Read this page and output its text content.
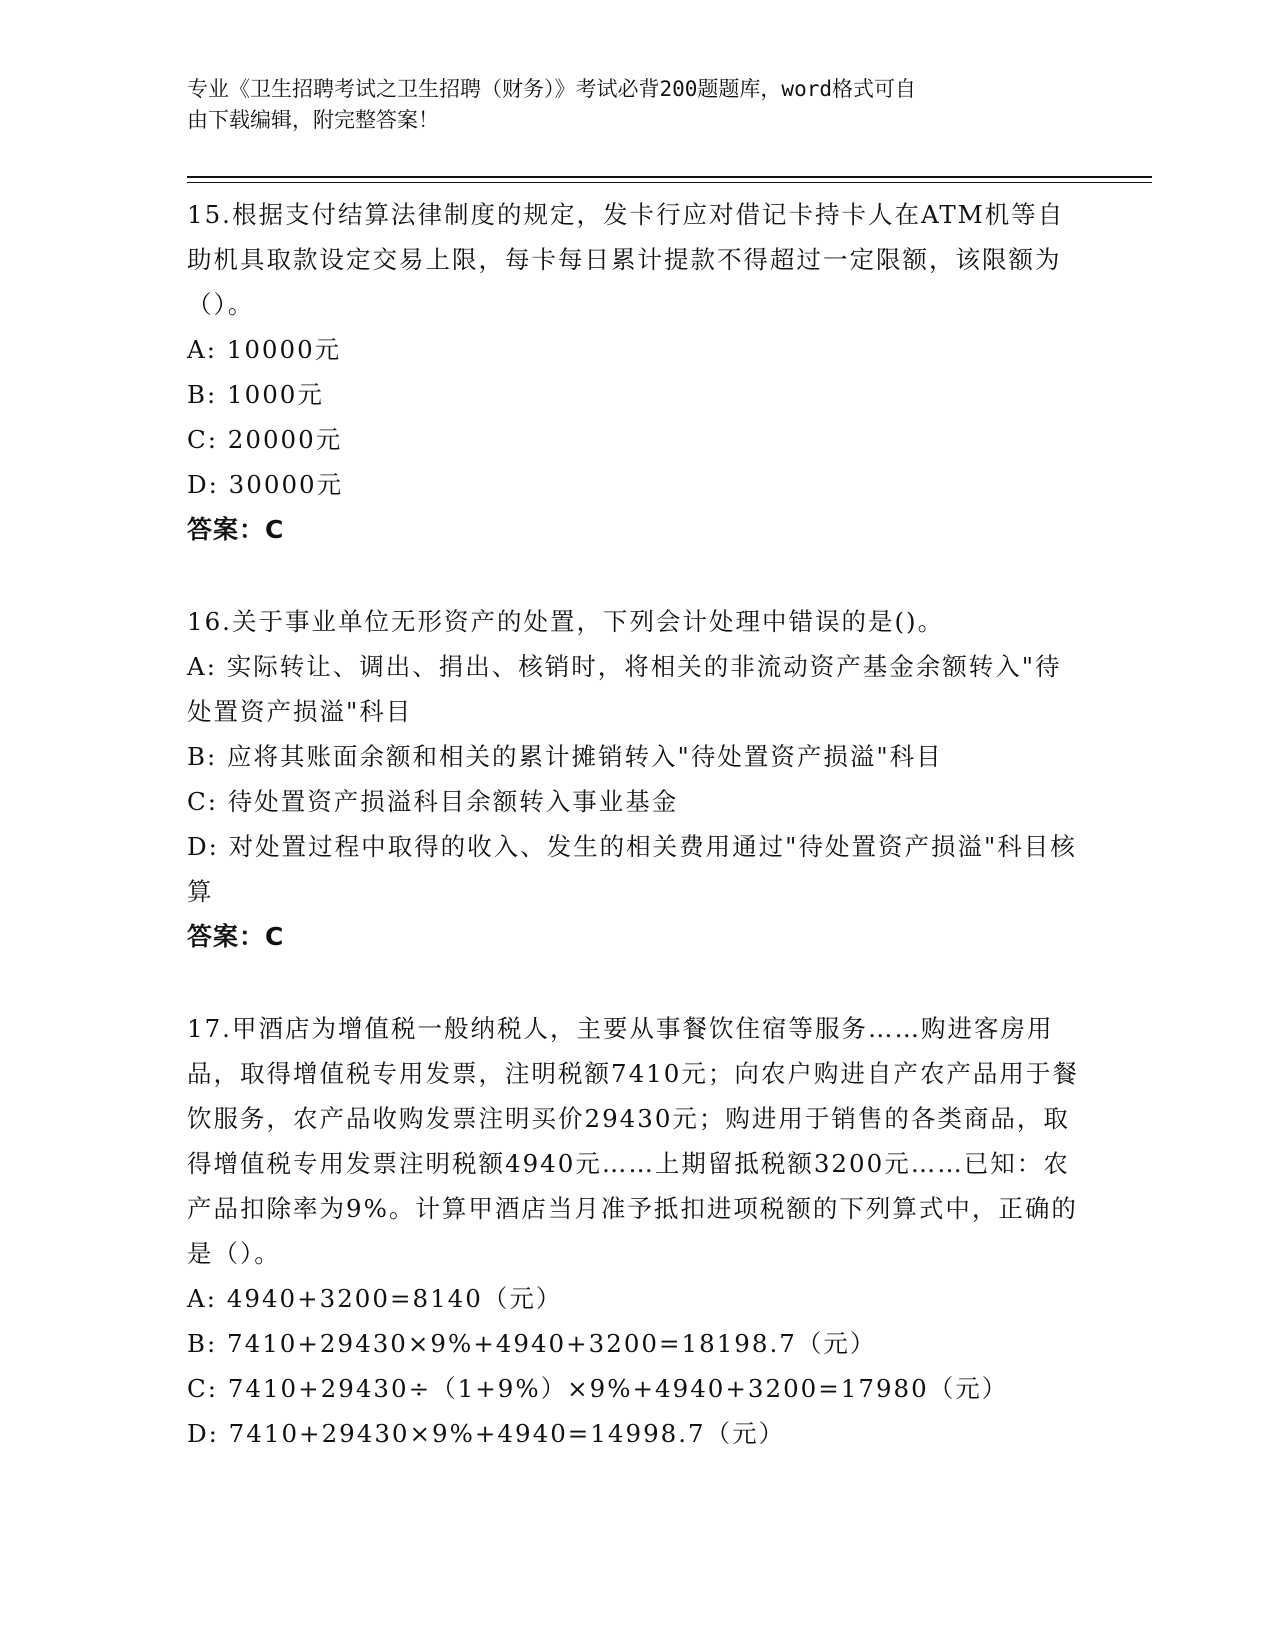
专业《卫生招聘考试之卫生招聘（财务）》考试必背200题题库，word格式可自
由下载编辑，附完整答案！
15.根据支付结算法律制度的规定，发卡行应对借记卡持卡人在ATM机等自助机具取款设定交易上限，每卡每日累计提款不得超过一定限额，该限额为（）。
A: 10000元
B: 1000元
C: 20000元
D: 30000元
答案：C
16.关于事业单位无形资产的处置，下列会计处理中错误的是()。
A: 实际转让、调出、捐出、核销时，将相关的非流动资产基金余额转入"待处置资产损溢"科目
B: 应将其账面余额和相关的累计摊销转入"待处置资产损溢"科目
C: 待处置资产损溢科目余额转入事业基金
D: 对处置过程中取得的收入、发生的相关费用通过"待处置资产损溢"科目核算
答案：C
17.甲酒店为增值税一般纳税人，主要从事餐饮住宿等服务……购进客房用品，取得增值税专用发票，注明税额7410元；向农户购进自产农产品用于餐饮服务，农产品收购发票注明买价29430元；购进用于销售的各类商品，取得增值税专用发票注明税额4940元……上期留抵税额3200元……已知：农产品扣除率为9%。计算甲酒店当月准予抵扣进项税额的下列算式中，正确的是（）。
A: 4940+3200=8140（元）
B: 7410+29430×9%+4940+3200=18198.7（元）
C: 7410+29430÷（1+9%）×9%+4940+3200=17980（元）
D: 7410+29430×9%+4940=14998.7（元）
